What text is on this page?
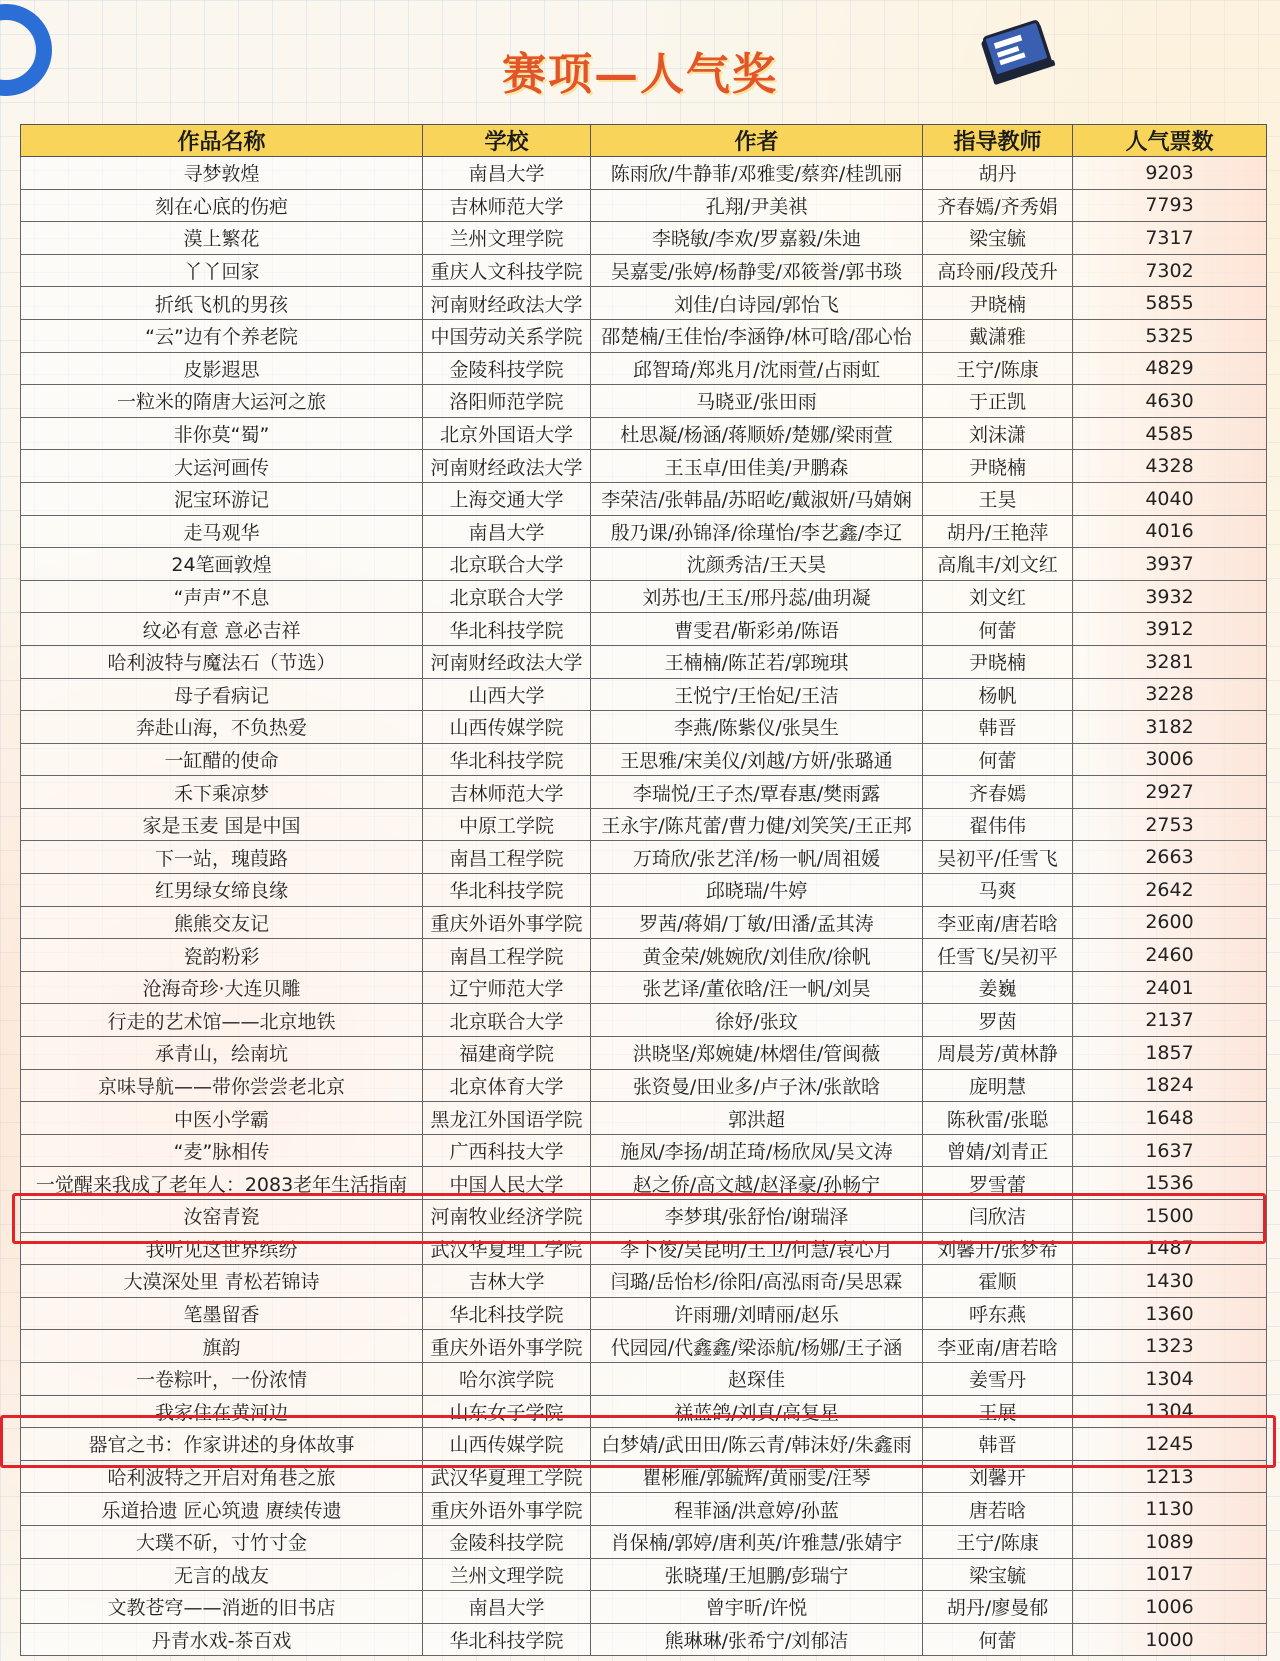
赛项—人气奖
作品名称	学校	作者	指导教师	人气票数
寻梦敦煌	南昌大学	陈雨欣/牛静菲/邓雅雯/蔡弈/桂凯丽	胡丹	9203
刻在心底的伤疤	吉林师范大学	孔翔/尹美祺	齐春嫣/齐秀娟	7793
漠上繁花	兰州文理学院	李晓敏/李欢/罗嘉毅/朱迪	梁宝毓	7317
丫丫回家	重庆人文科技学院	吴嘉雯/张婷/杨静雯/邓筱誉/郭书琰	高玲丽/段茂升	7302
折纸飞机的男孩	河南财经政法大学	刘佳/白诗园/郭怡飞	尹晓楠	5855
“云”边有个养老院	中国劳动关系学院	邵楚楠/王佳怡/李涵铮/林可晗/邵心怡	戴潇雅	5325
皮影遐思	金陵科技学院	邱智琦/郑兆月/沈雨萱/占雨虹	王宁/陈康	4829
一粒米的隋唐大运河之旅	洛阳师范学院	马晓亚/张田雨	于正凯	4630
非你莫“蜀”	北京外国语大学	杜思凝/杨涵/蒋顺娇/楚娜/梁雨萱	刘沫潇	4585
大运河画传	河南财经政法大学	王玉卓/田佳美/尹鹏森	尹晓楠	4328
泥宝环游记	上海交通大学	李荣洁/张韩晶/苏昭屹/戴淑妍/马婧娴	王昊	4040
走马观华	南昌大学	殷乃课/孙锦泽/徐瑾怡/李艺鑫/李辽	胡丹/王艳萍	4016
24笔画敦煌	北京联合大学	沈颜秀洁/王天昊	高胤丰/刘文红	3937
“声声”不息	北京联合大学	刘苏也/王玉/邢丹蕊/曲玥凝	刘文红	3932
纹必有意 意必吉祥	华北科技学院	曹雯君/靳彩弟/陈语	何蕾	3912
哈利波特与魔法石（节选）	河南财经政法大学	王楠楠/陈芷若/郭琬琪	尹晓楠	3281
母子看病记	山西大学	王悦宁/王怡妃/王洁	杨帆	3228
奔赴山海，不负热爱	山西传媒学院	李燕/陈紫仪/张昊生	韩晋	3182
一缸醋的使命	华北科技学院	王思雅/宋美仪/刘越/方妍/张璐通	何蕾	3006
禾下乘凉梦	吉林师范大学	李瑞悦/王子杰/覃春惠/樊雨露	齐春嫣	2927
家是玉麦 国是中国	中原工学院	王永宇/陈芃蕾/曹力健/刘笑笑/王正邦	翟伟伟	2753
下一站，瑰葭路	南昌工程学院	万琦欣/张艺洋/杨一帆/周祖媛	吴初平/任雪飞	2663
红男绿女缔良缘	华北科技学院	邱晓瑞/牛婷	马爽	2642
熊熊交友记	重庆外语外事学院	罗茜/蒋娟/丁敏/田潘/孟其涛	李亚南/唐若晗	2600
瓷韵粉彩	南昌工程学院	黄金荣/姚婉欣/刘佳欣/徐帆	任雪飞/吴初平	2460
沧海奇珍·大连贝雕	辽宁师范大学	张艺译/董依晗/汪一帆/刘昊	姜巍	2401
行走的艺术馆——北京地铁	北京联合大学	徐妤/张玟	罗茵	2137
承青山，绘南坑	福建商学院	洪晓坚/郑婉婕/林熠佳/管闽薇	周晨芳/黄林静	1857
京味导航——带你尝尝老北京	北京体育大学	张资曼/田业多/卢子沐/张歆晗	庞明慧	1824
中医小学霸	黑龙江外国语学院	郭洪超	陈秋雷/张聪	1648
“麦”脉相传	广西科技大学	施凤/李扬/胡芷琦/杨欣凤/吴文涛	曾婧/刘青正	1637
一觉醒来我成了老年人：2083老年生活指南	中国人民大学	赵之侨/高文越/赵泽豪/孙畅宁	罗雪蕾	1536
汝窑青瓷	河南牧业经济学院	李梦琪/张舒怡/谢瑞泽	闫欣洁	1500
我听见这世界缤纷	武汉华夏理工学院	李卜俊/吴昆明/王卫/何慧/袁心月	刘馨开/张梦希	1487
大漠深处里 青松若锦诗	吉林大学	闫璐/岳怡杉/徐阳/高泓雨奇/吴思霖	霍顺	1430
笔墨留香	华北科技学院	许雨珊/刘晴丽/赵乐	呼东燕	1360
旗韵	重庆外语外事学院	代园园/代鑫鑫/梁添航/杨娜/王子涵	李亚南/唐若晗	1323
一卷粽叶，一份浓情	哈尔滨学院	赵琛佳	姜雪丹	1304
我家住在黄河边	山东女子学院	禚蓝鸽/刘真/高复星	王展	1304
器官之书：作家讲述的身体故事	山西传媒学院	白梦婧/武田田/陈云青/韩沫妤/朱鑫雨	韩晋	1245
哈利波特之开启对角巷之旅	武汉华夏理工学院	瞿彬雁/郭毓辉/黄丽雯/汪琴	刘馨开	1213
乐道拾遗 匠心筑遗 赓续传遗	重庆外语外事学院	程菲涵/洪意婷/孙蓝	唐若晗	1130
大璞不斫，寸竹寸金	金陵科技学院	肖保楠/郭婷/唐利英/许雅慧/张婧宇	王宁/陈康	1089
无言的战友	兰州文理学院	张晓瑾/王旭鹏/彭瑞宁	梁宝毓	1017
文教苍穹——消逝的旧书店	南昌大学	曾宇昕/许悦	胡丹/廖曼郁	1006
丹青水戏-茶百戏	华北科技学院	熊琳琳/张希宁/刘郁洁	何蕾	1000
